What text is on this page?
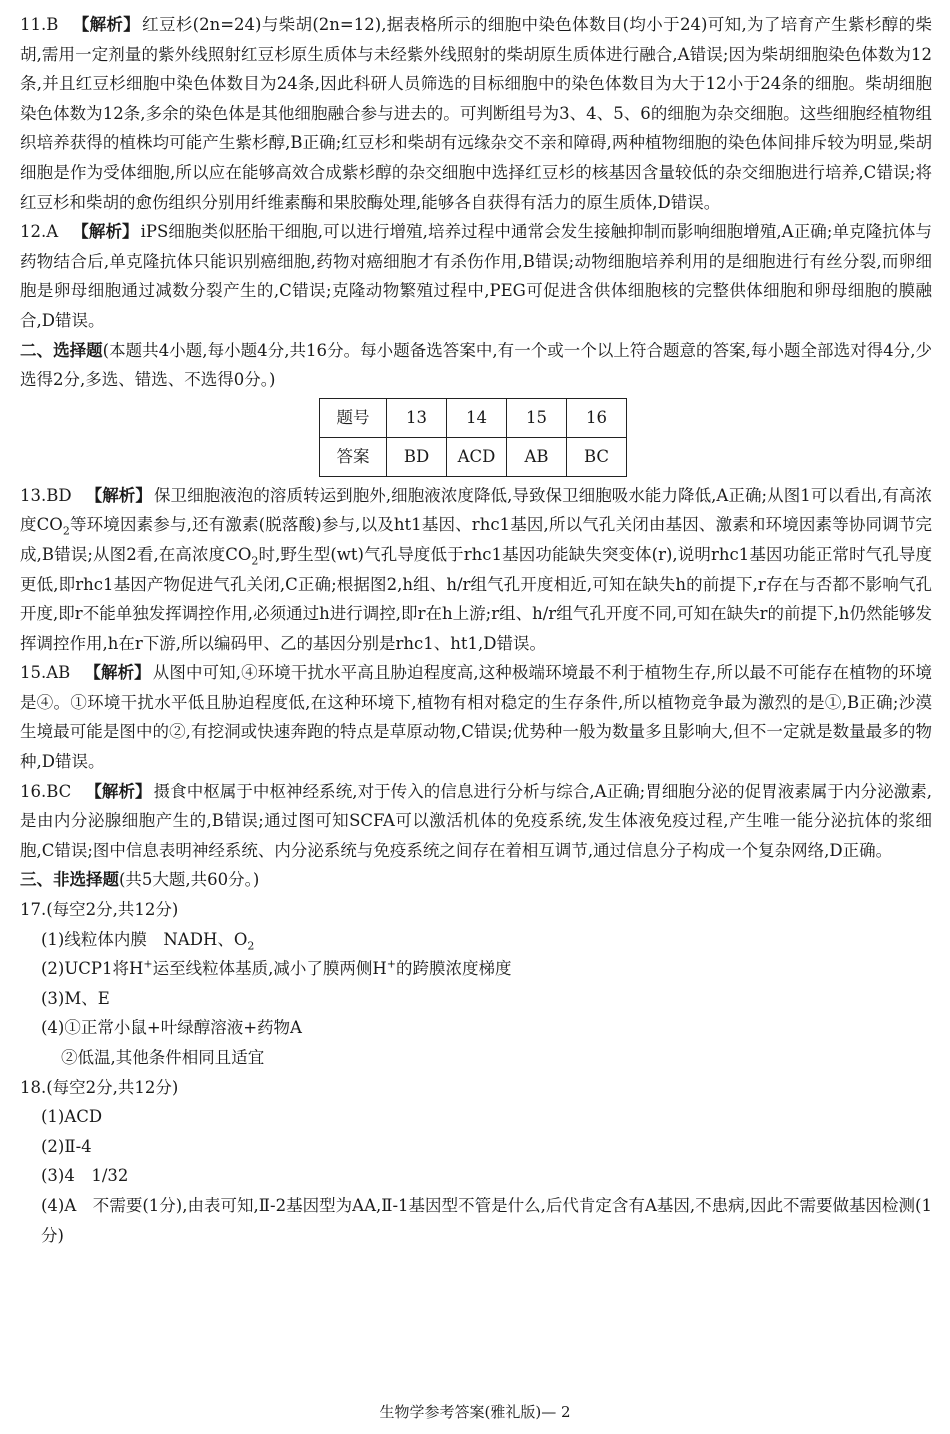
11.B 【解析】 红豆杉(2n=24)与柴胡(2n=12),据表格所示的细胞中染色体数目(均小于24)可知,为了培育产生紫杉醇的柴胡,需用一定剂量的紫外线照射红豆杉原生质体与未经紫外线照射的柴胡原生质体进行融合,A错误;因为柴胡细胞染色体数为12条,并且红豆杉细胞中染色体数目为24条,因此科研人员筛选的目标细胞中的染色体数目为大于12小于24条的细胞。柴胡细胞染色体数为12条,多余的染色体是其他细胞融合参与进去的。可判断组号为3、4、5、6的细胞为杂交细胞。这些细胞经植物组织培养获得的植株均可能产生紫杉醇,B正确;红豆杉和柴胡有远缘杂交不亲和障碍,两种植物细胞的染色体间排斥较为明显,柴胡细胞是作为受体细胞,所以应在能够高效合成紫杉醇的杂交细胞中选择红豆杉的核基因含量较低的杂交细胞进行培养,C错误;将红豆杉和柴胡的愈伤组织分别用纤维素酶和果胶酶处理,能够各自获得有活力的原生质体,D错误。
12.A 【解析】 iPS细胞类似胚胎干细胞,可以进行增殖,培养过程中通常会发生接触抑制而影响细胞增殖,A正确;单克隆抗体与药物结合后,单克隆抗体只能识别癌细胞,药物对癌细胞才有杀伤作用,B错误;动物细胞培养利用的是细胞进行有丝分裂,而卵细胞是卵母细胞通过减数分裂产生的,C错误;克隆动物繁殖过程中,PEG可促进含供体细胞核的完整供体细胞和卵母细胞的膜融合,D错误。
二、选择题(本题共4小题,每小题4分,共16分。每小题备选答案中,有一个或一个以上符合题意的答案,每小题全部选对得4分,少选得2分,多选、错选、不选得0分。)
题号	13	14	15	16
答案	BD	ACD	AB	BC
13.BD 【解析】 保卫细胞液泡的溶质转运到胞外,细胞液浓度降低,导致保卫细胞吸水能力降低,A正确;从图1可以看出,有高浓度$CO_2$等环境因素参与,还有激素(脱落酸)参与,以及ht1基因、rhc1基因,所以气孔关闭由基因、激素和环境因素等协同调节完成,B错误;从图2看,在高浓度$CO_2$时,野生型(wt)气孔导度低于rhc1基因功能缺失突变体(r),说明rhc1基因功能正常时气孔导度更低,即rhc1基因产物促进气孔关闭,C正确;根据图2,h组、h/r组气孔开度相近,可知在缺失h的前提下,r存在与否都不影响气孔开度,即r不能单独发挥调控作用,必须通过h进行调控,即r在h上游;r组、h/r组气孔开度不同,可知在缺失r的前提下,h仍然能够发挥调控作用,h在r下游,所以编码甲、乙的基因分别是rhc1、ht1,D错误。
15.AB 【解析】 从图中可知,④环境干扰水平高且胁迫程度高,这种极端环境最不利于植物生存,所以最不可能存在植物的环境是④。①环境干扰水平低且胁迫程度低,在这种环境下,植物有相对稳定的生存条件,所以植物竞争最为激烈的是①,B正确;沙漠生境最可能是图中的②,有挖洞或快速奔跑的特点是草原动物,C错误;优势种一般为数量多且影响大,但不一定就是数量最多的物种,D错误。
16.BC 【解析】 摄食中枢属于中枢神经系统,对于传入的信息进行分析与综合,A正确;胃细胞分泌的促胃液素属于内分泌激素,是由内分泌腺细胞产生的,B错误;通过图可知SCFA可以激活机体的免疫系统,发生体液免疫过程,产生唯一能分泌抗体的浆细胞,C错误;图中信息表明神经系统、内分泌系统与免疫系统之间存在着相互调节,通过信息分子构成一个复杂网络,D正确。
三、非选择题(共5大题,共60分。)
17.(每空2分,共12分)
(1)线粒体内膜　NADH、$O_2$
(2)UCP1将H+运至线粒体基质,减小了膜两侧H+的跨膜浓度梯度
(3)M、E
(4)①正常小鼠+叶绿醇溶液+药物A
②低温,其他条件相同且适宜
18.(每空2分,共12分)
(1)ACD
(2)Ⅱ-4
(3)4　1/32
(4)A　不需要(1分),由表可知,Ⅱ-2基因型为AA,Ⅱ-1基因型不管是什么,后代肯定含有A基因,不患病,因此不需要做基因检测(1分)
生物学参考答案(雅礼版)— 2
